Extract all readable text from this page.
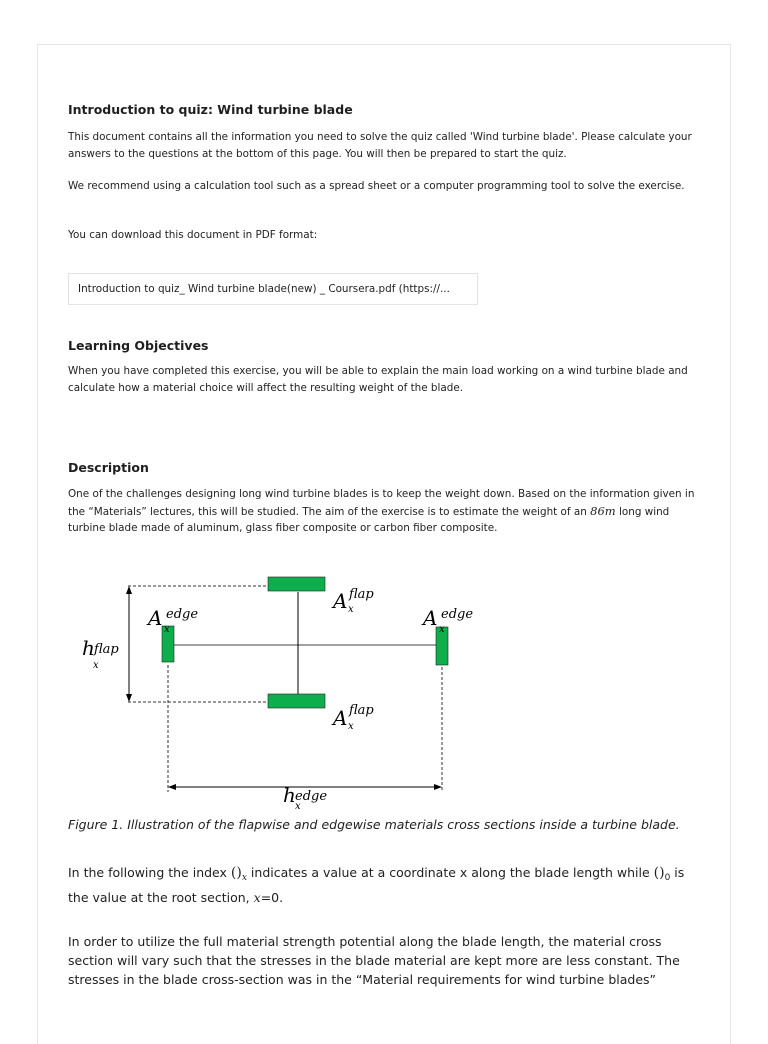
Introduction to quiz: Wind turbine blade

This document contains all the information you need to solve the quiz called 'Wind turbine blade'. Please calculate your answers to the questions at the bottom of this page. You will then be prepared to start the quiz.

We recommend using a calculation tool such as a spread sheet or a computer programming tool to solve the exercise.

You can download this document in PDF format:

Introduction to quiz_ Wind turbine blade(new) _ Coursera.pdf (https://...
Learning Objectives

When you have completed this exercise, you will be able to explain the main load working on a wind turbine blade and calculate how a material choice will affect the resulting weight of the blade.

Description

One of the challenges designing long wind turbine blades is to keep the weight down. Based on the information given in the “Materials” lectures, this will be studied. The aim of the exercise is to estimate the weight of an 86m long wind turbine blade made of aluminum, glass fiber composite or carbon fiber composite.

A flap
x
A flap
x
A edge
x	A edge
x
h flap
x
h edge
x

Figure 1. Illustration of the flapwise and edgewise materials cross sections inside a turbine blade.

In the following the index $()_x$ indicates a value at a coordinate x along the blade length while $()_0$ is the value at the root section, x=0.

In order to utilize the full material strength potential along the blade length, the material cross section will vary such that the stresses in the blade material are kept more are less constant. The stresses in the blade cross-section was in the “Material requirements for wind turbine blades”
